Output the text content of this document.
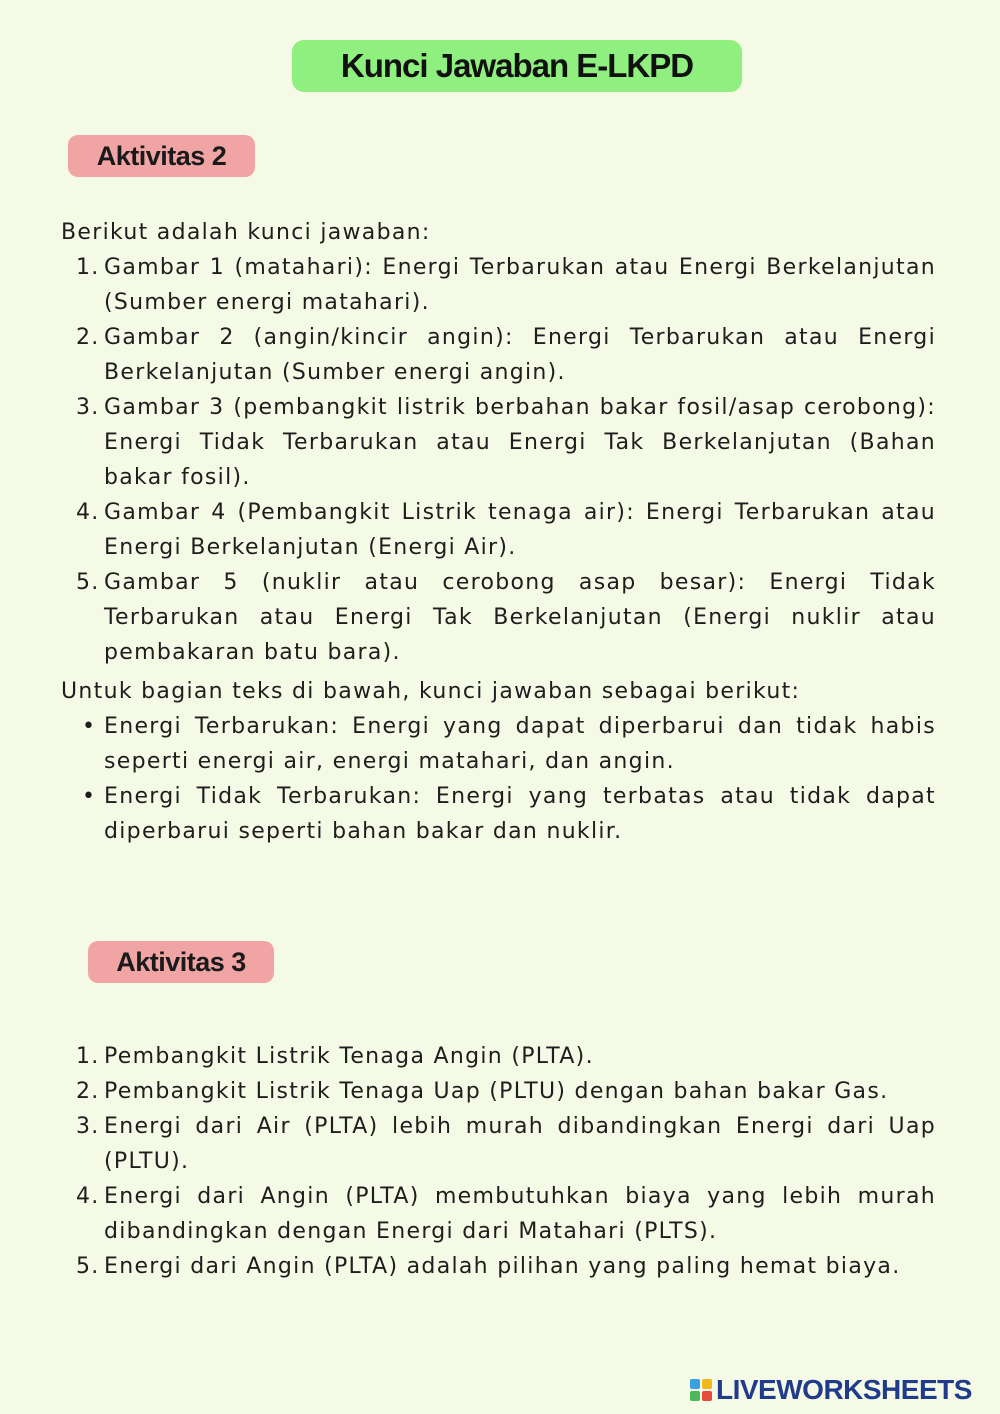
Kunci Jawaban E-LKPD
Aktivitas 2
Berikut adalah kunci jawaban:
1. Gambar 1 (matahari): Energi Terbarukan atau Energi Berkelanjutan (Sumber energi matahari).
2. Gambar 2 (angin/kincir angin): Energi Terbarukan atau Energi Berkelanjutan (Sumber energi angin).
3. Gambar 3 (pembangkit listrik berbahan bakar fosil/asap cerobong): Energi Tidak Terbarukan atau Energi Tak Berkelanjutan (Bahan bakar fosil).
4. Gambar 4 (Pembangkit Listrik tenaga air): Energi Terbarukan atau Energi Berkelanjutan (Energi Air).
5. Gambar 5 (nuklir atau cerobong asap besar): Energi Tidak Terbarukan atau Energi Tak Berkelanjutan (Energi nuklir atau pembakaran batu bara).
Untuk bagian teks di bawah, kunci jawaban sebagai berikut:
• Energi Terbarukan: Energi yang dapat diperbarui dan tidak habis seperti energi air, energi matahari, dan angin.
• Energi Tidak Terbarukan: Energi yang terbatas atau tidak dapat diperbarui seperti bahan bakar dan nuklir.
Aktivitas 3
1. Pembangkit Listrik Tenaga Angin (PLTA).
2. Pembangkit Listrik Tenaga Uap (PLTU) dengan bahan bakar Gas.
3. Energi dari Air (PLTA) lebih murah dibandingkan Energi dari Uap (PLTU).
4. Energi dari Angin (PLTA) membutuhkan biaya yang lebih murah dibandingkan dengan Energi dari Matahari (PLTS).
5. Energi dari Angin (PLTA) adalah pilihan yang paling hemat biaya.
LIVEWORKSHEETS
